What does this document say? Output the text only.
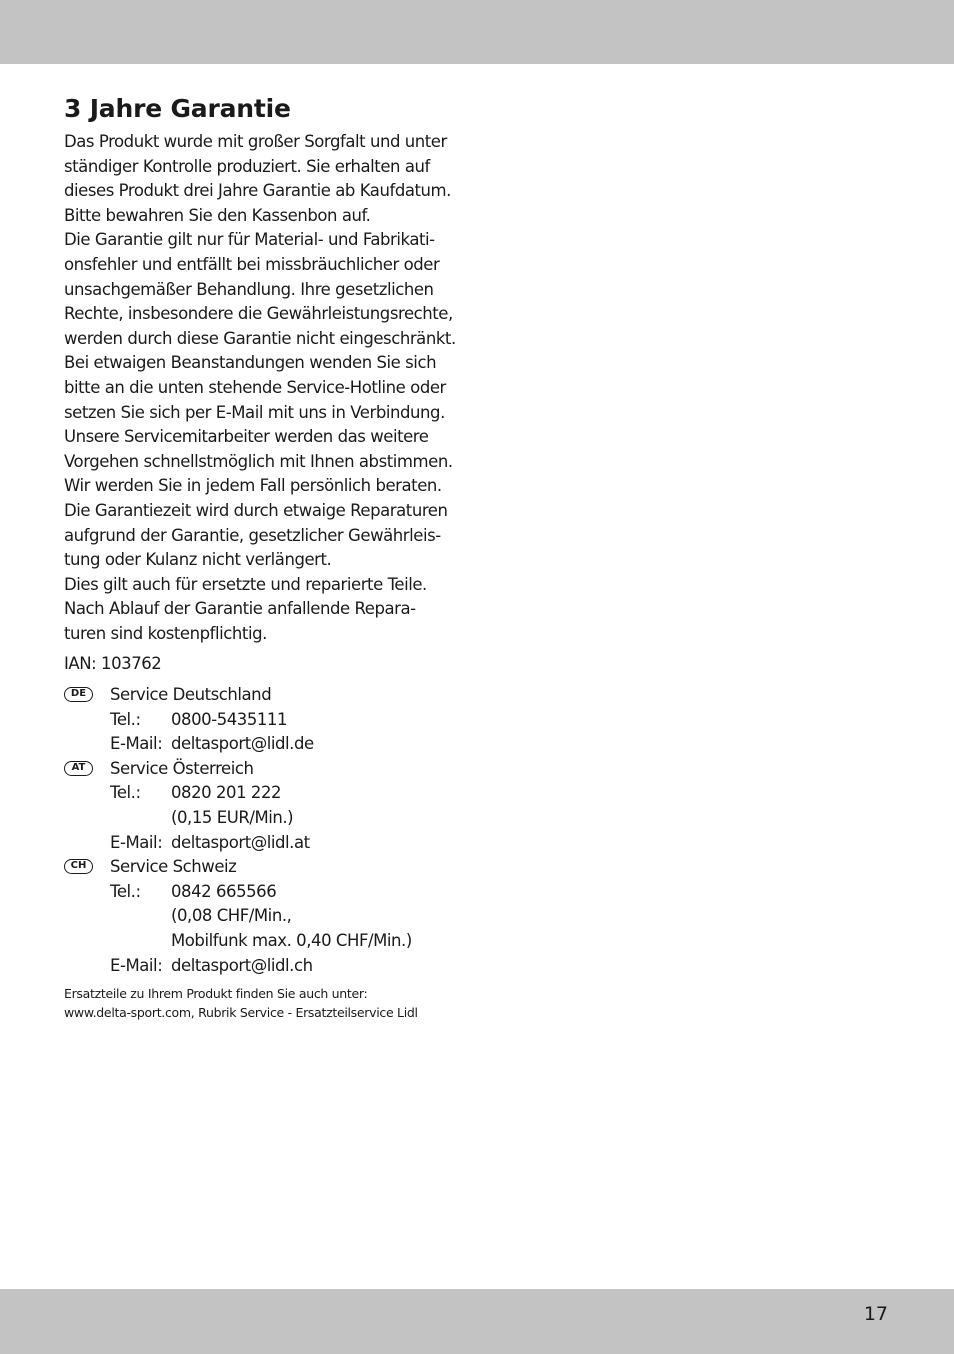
3 Jahre Garantie
Das Produkt wurde mit großer Sorgfalt und unter
ständiger Kontrolle produziert. Sie erhalten auf
dieses Produkt drei Jahre Garantie ab Kaufdatum.
Bitte bewahren Sie den Kassenbon auf.
Die Garantie gilt nur für Material- und Fabrikati-
onsfehler und entfällt bei missbräuchlicher oder
unsachgemäßer Behandlung. Ihre gesetzlichen
Rechte, insbesondere die Gewährleistungsrechte,
werden durch diese Garantie nicht eingeschränkt.
Bei etwaigen Beanstandungen wenden Sie sich
bitte an die unten stehende Service-Hotline oder
setzen Sie sich per E-Mail mit uns in Verbindung.
Unsere Servicemitarbeiter werden das weitere
Vorgehen schnellstmöglich mit Ihnen abstimmen.
Wir werden Sie in jedem Fall persönlich beraten.
Die Garantiezeit wird durch etwaige Reparaturen
aufgrund der Garantie, gesetzlicher Gewährleis-
tung oder Kulanz nicht verlängert.
Dies gilt auch für ersetzte und reparierte Teile.
Nach Ablauf der Garantie anfallende Repara-
turen sind kostenpflichtig.
IAN: 103762
DE	Service Deutschland
Tel.: 0800-5435111
E-Mail: deltasport@lidl.de
AT	Service Österreich
Tel.: 0820 201 222
(0,15 EUR/Min.)
E-Mail: deltasport@lidl.at
CH	Service Schweiz
Tel.: 0842 665566
(0,08 CHF/Min.,
Mobilfunk max. 0,40 CHF/Min.)
E-Mail: deltasport@lidl.ch
Ersatzteile zu Ihrem Produkt finden Sie auch unter:
www.delta-sport.com, Rubrik Service - Ersatzteilservice Lidl
17
